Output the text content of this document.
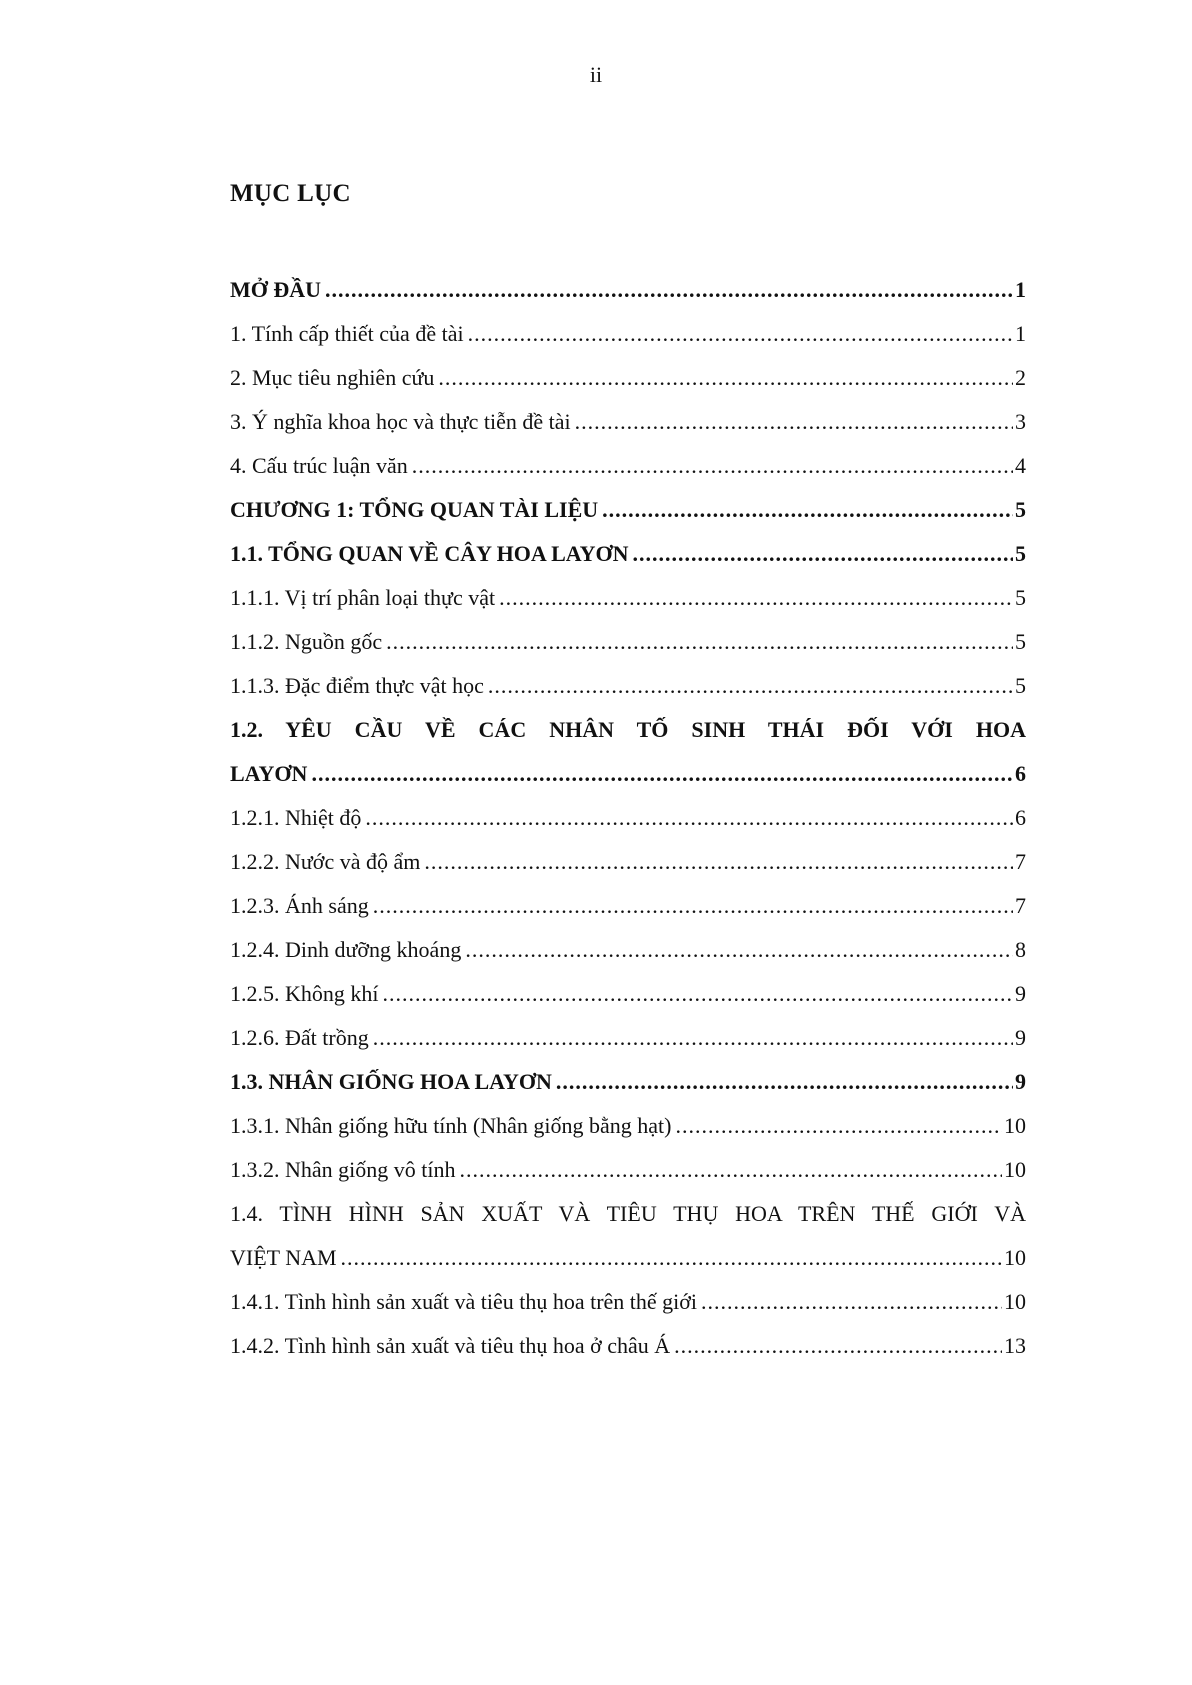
ii
MỤC LỤC
MỞ ĐẦU .....	1
1. Tính cấp thiết của đề tài .....	1
2. Mục tiêu nghiên cứu .....	2
3. Ý nghĩa khoa học và thực tiễn đề tài .....	3
4. Cấu trúc luận văn .....	4
CHƯƠNG 1: TỔNG QUAN TÀI LIỆU .....	5
1.1. TỔNG QUAN VỀ CÂY HOA LAYƠN .....	5
1.1.1. Vị trí phân loại thực vật .....	5
1.1.2. Nguồn gốc .....	5
1.1.3. Đặc điểm thực vật học .....	5
1.2. YÊU CẦU VỀ CÁC NHÂN TỐ SINH THÁI ĐỐI VỚI HOA
LAYƠN .....	6
1.2.1. Nhiệt độ .....	6
1.2.2. Nước và độ ẩm .....	7
1.2.3. Ánh sáng .....	7
1.2.4. Dinh dưỡng khoáng .....	8
1.2.5. Không khí .....	9
1.2.6. Đất trồng .....	9
1.3. NHÂN GIỐNG HOA LAYƠN .....	9
1.3.1. Nhân giống hữu tính (Nhân giống bằng hạt) .....	10
1.3.2. Nhân giống vô tính .....	10
1.4. TÌNH HÌNH SẢN XUẤT VÀ TIÊU THỤ HOA TRÊN THẾ GIỚI VÀ
VIỆT NAM .....	10
1.4.1. Tình hình sản xuất và tiêu thụ hoa trên thế giới .....	10
1.4.2. Tình hình sản xuất và tiêu thụ hoa ở châu Á .....	13
